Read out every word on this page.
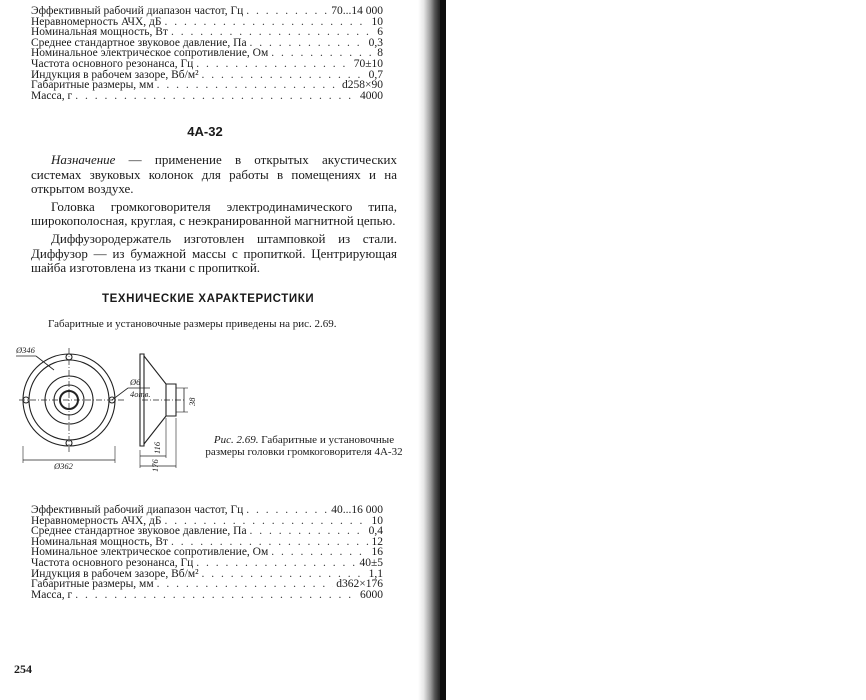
Эффективный рабочий диапазон частот, Гц . . .	70...14 000
Неравномерность АЧХ, дБ . . .	10
Номинальная мощность, Вт . . .	6
Среднее стандартное звуковое давление, Па . . .	0,3
Номинальное электрическое сопротивление, Ом . . .	8
Частота основного резонанса, Гц . . .	70±10
Индукция в рабочем зазоре, Вб/м² . . .	0,7
Габаритные размеры, мм . . .	d258×90
Масса, г . . .	4000
4А-32

Назначение — применение в открытых акустических системах звуковых колонок для работы в помещениях и на открытом воздухе.

Головка громкоговорителя электродинамического типа, широкополосная, круглая, с неэкранированной магнитной цепью.

Диффузородержатель изготовлен штамповкой из стали. Диффузор — из бумажной массы с пропиткой. Центрирующая шайба изготовлена из ткани с пропиткой.

ТЕХНИЧЕСКИЕ ХАРАКТЕРИСТИКИ
Габаритные и установочные размеры приведены на рис. 2.69.
Ø346
Ø6
4отв.
Ø362
116
176
38
Рис. 2.69. Габаритные и установочные размеры головки громкоговорителя 4А-32
Эффективный рабочий диапазон частот, Гц . . .	40...16 000
Неравномерность АЧХ, дБ . . .	10
Среднее стандартное звуковое давление, Па . . .	0,4
Номинальная мощность, Вт . . .	12
Номинальное электрическое сопротивление, Ом . . .	16
Частота основного резонанса, Гц . . .	40±5
Индукция в рабочем зазоре, Вб/м² . . .	1,1
Габаритные размеры, мм . . .	d362×176
Масса, г . . .	6000
254
